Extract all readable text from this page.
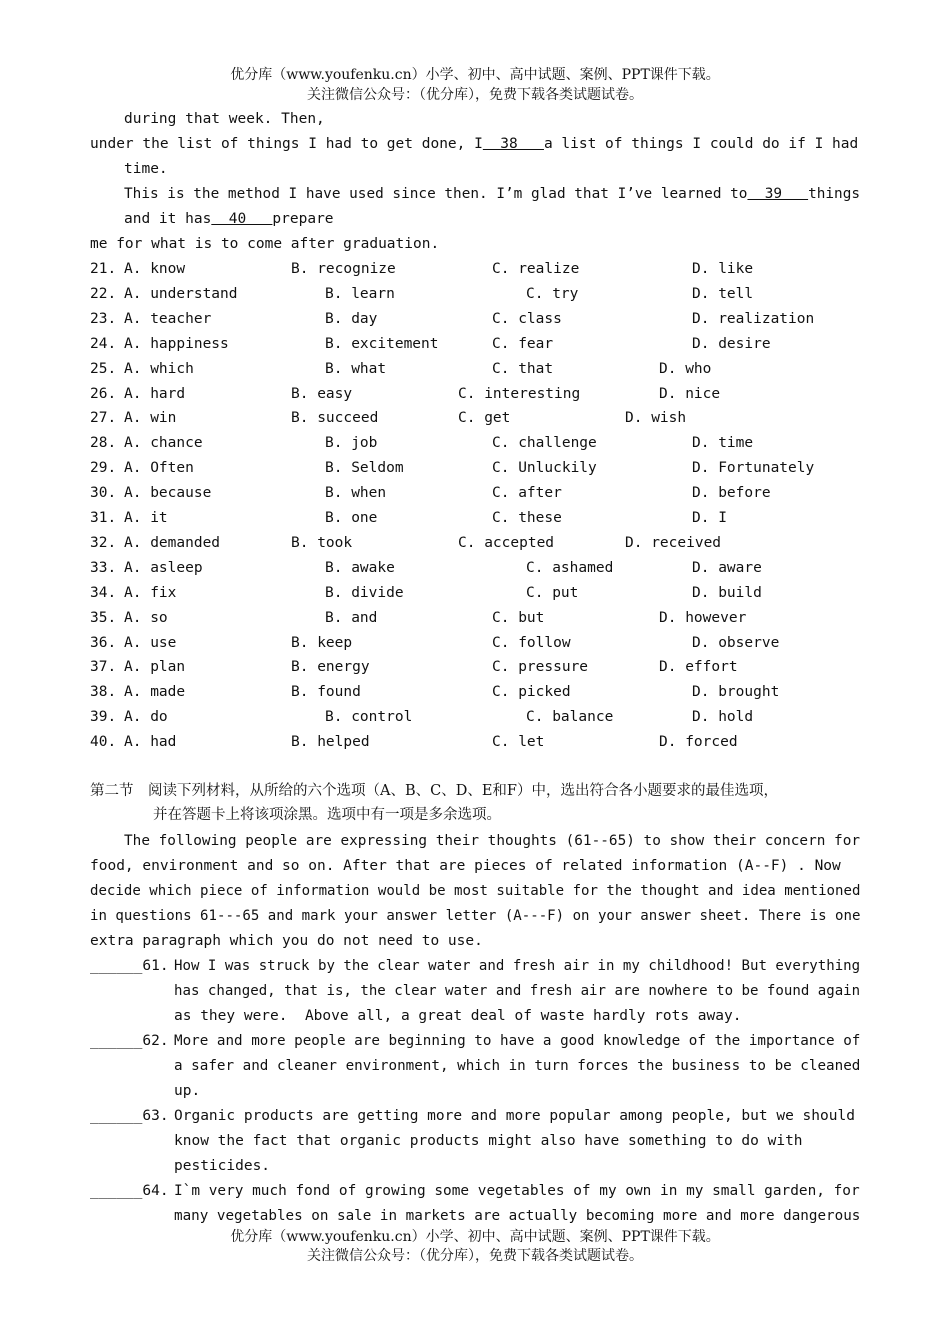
优分库（www.youfenku.cn）小学、初中、高中试题、案例、PPT课件下载。
关注微信公众号：（优分库），免费下载各类试题试卷。
during that week. Then,
under the list of things I had to get done, I  38   a list of things I could do if I had
time.
This is the method I have used since then. I’m glad that I’ve learned to  39   things
and it has  40   prepare
me for what is to come after graduation.
21. A. know	B. recognize	C. realize	D. like
22. A. understand	B. learn	C. try	D. tell
23. A. teacher	B. day	C. class	D. realization
24. A. happiness	B. excitement	C. fear	D. desire
25. A. which	B. what	C. that	D. who
26. A. hard	B. easy	C. interesting	D. nice
27. A. win	B. succeed	C. get	D. wish
28. A. chance	B. job	C. challenge	D. time
29. A. Often	B. Seldom	C. Unluckily	D. Fortunately
30. A. because	B. when	C. after	D. before
31. A. it	B. one	C. these	D. I
32. A. demanded	B. took	C. accepted	D. received
33. A. asleep	B. awake	C. ashamed	D. aware
34. A. fix	B. divide	C. put	D. build
35. A. so	B. and	C. but	D. however
36. A. use	B. keep	C. follow	D. observe
37. A. plan	B. energy	C. pressure	D. effort
38. A. made	B. found	C. picked	D. brought
39. A. do	B. control	C. balance	D. hold
40. A. had	B. helped	C. let	D. forced
第二节　阅读下列材料，从所给的六个选项（A、B、C、D、E和F）中，选出符合各小题要求的最佳选项，
并在答题卡上将该项涂黑。选项中有一项是多余选项。
The following people are expressing their thoughts (61--65) to show their concern for
food, environment and so on. After that are pieces of related information (A--F) . Now
decide which piece of information would be most suitable for the thought and idea mentioned
in questions 61---65 and mark your answer letter (A---F) on your answer sheet. There is one
extra paragraph which you do not need to use.
______61. How I was struck by the clear water and fresh air in my childhood! But everything
has changed, that is, the clear water and fresh air are nowhere to be found again
as they were.  Above all, a great deal of waste hardly rots away.
______62. More and more people are beginning to have a good knowledge of the importance of
a safer and cleaner environment, which in turn forces the business to be cleaned
up.
______63. Organic products are getting more and more popular among people, but we should
know the fact that organic products might also have something to do with
pesticides.
______64. I`m very much fond of growing some vegetables of my own in my small garden, for
many vegetables on sale in markets are actually becoming more and more dangerous
优分库（www.youfenku.cn）小学、初中、高中试题、案例、PPT课件下载。
关注微信公众号：（优分库），免费下载各类试题试卷。
